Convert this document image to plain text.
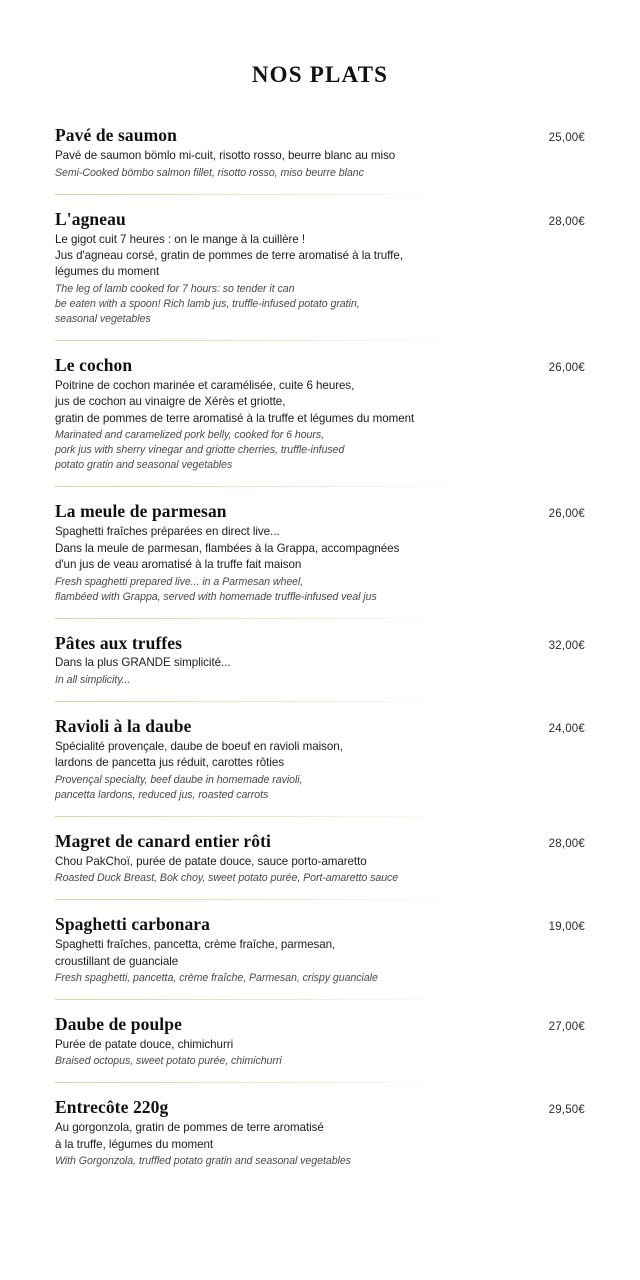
NOS PLATS
Pavé de saumon	25,00€

Pavé de saumon bömlo mi-cuit, risotto rosso, beurre blanc au miso

Semi-Cooked bömbo salmon fillet, risotto rosso, miso beurre blanc

L'agneau	28,00€

Le gigot cuit 7 heures : on le mange à la cuillère !
Jus d'agneau corsé, gratin de pommes de terre aromatisé à la truffe,
légumes du moment

The leg of lamb cooked for 7 hours: so tender it can
be eaten with a spoon! Rich lamb jus, truffle-infused potato gratin,
seasonal vegetables

Le cochon	26,00€

Poitrine de cochon marinée et caramélisée, cuite 6 heures,
jus de cochon au vinaigre de Xérès et griotte,
gratin de pommes de terre aromatisé à la truffe et légumes du moment

Marinated and caramelized pork belly, cooked for 6 hours,
pork jus with sherry vinegar and griotte cherries, truffle-infused
potato gratin and seasonal vegetables

La meule de parmesan	26,00€

Spaghetti fraîches préparées en direct live...
Dans la meule de parmesan, flambées à la Grappa, accompagnées
d'un jus de veau aromatisé à la truffe fait maison

Fresh spaghetti prepared live... in a Parmesan wheel,
flambéed with Grappa, served with homemade truffle-infused veal jus

Pâtes aux truffes	32,00€

Dans la plus GRANDE simplicité...

In all simplicity...

Ravioli à la daube	24,00€

Spécialité provençale, daube de boeuf en ravioli maison,
lardons de pancetta jus réduit, carottes rôties

Provençal specialty, beef daube in homemade ravioli,
pancetta lardons, reduced jus, roasted carrots

Magret de canard entier rôti	28,00€

Chou PakChoï, purée de patate douce, sauce porto-amaretto

Roasted Duck Breast, Bok choy, sweet potato purée, Port-amaretto sauce

Spaghetti carbonara	19,00€

Spaghetti fraîches, pancetta, crème fraîche, parmesan,
croustillant de guanciale

Fresh spaghetti, pancetta, crème fraîche, Parmesan, crispy guanciale

Daube de poulpe	27,00€

Purée de patate douce, chimichurri

Braised octopus, sweet potato purée, chimichurri

Entrecôte 220g	29,50€

Au gorgonzola, gratin de pommes de terre aromatisé
à la truffe, légumes du moment

With Gorgonzola, truffled potato gratin and seasonal vegetables
